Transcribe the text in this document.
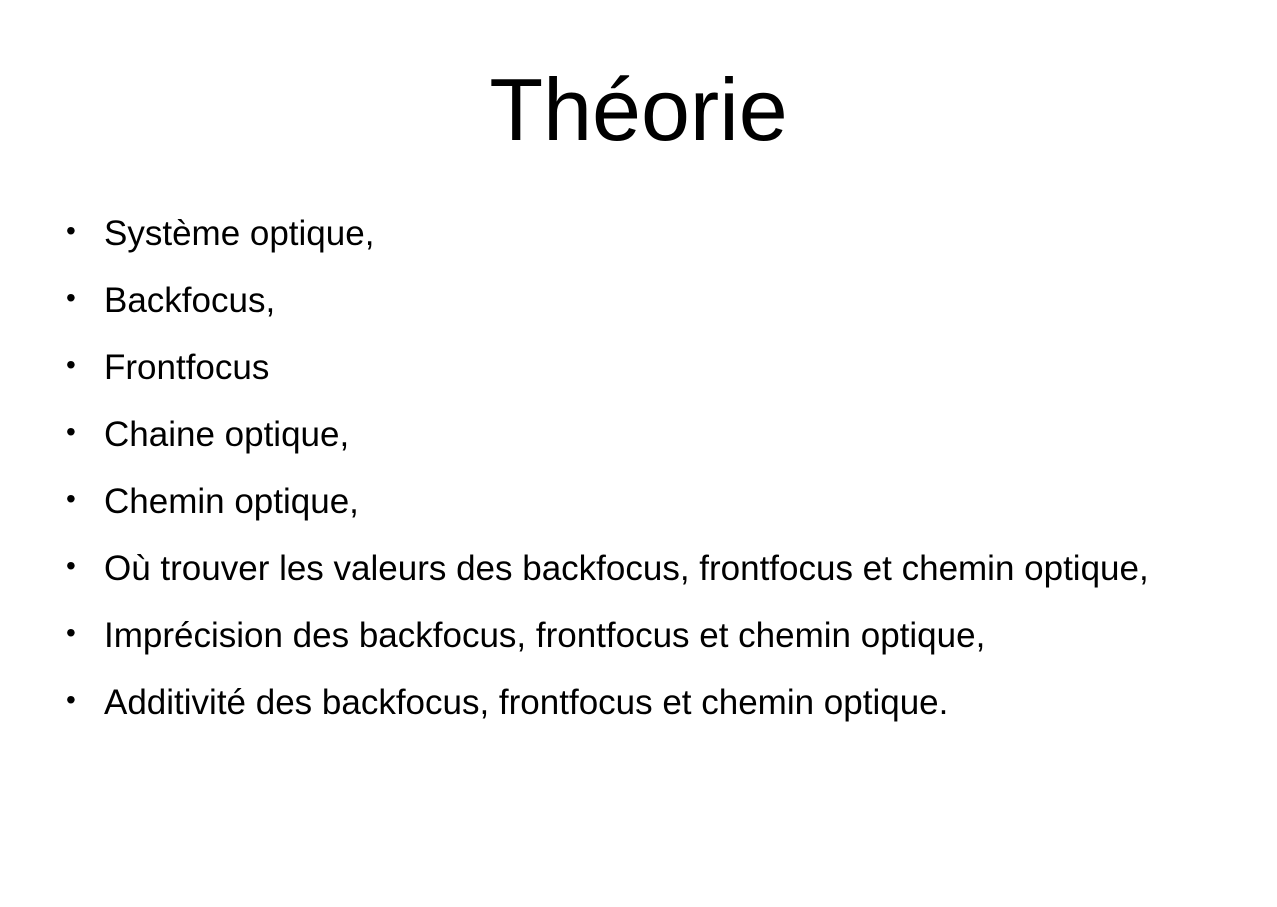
Théorie
• Système optique,
• Backfocus,
• Frontfocus
• Chaine optique,
• Chemin optique,
• Où trouver les valeurs des backfocus, frontfocus et chemin optique,
• Imprécision des backfocus, frontfocus et chemin optique,
• Additivité des backfocus, frontfocus et chemin optique.
